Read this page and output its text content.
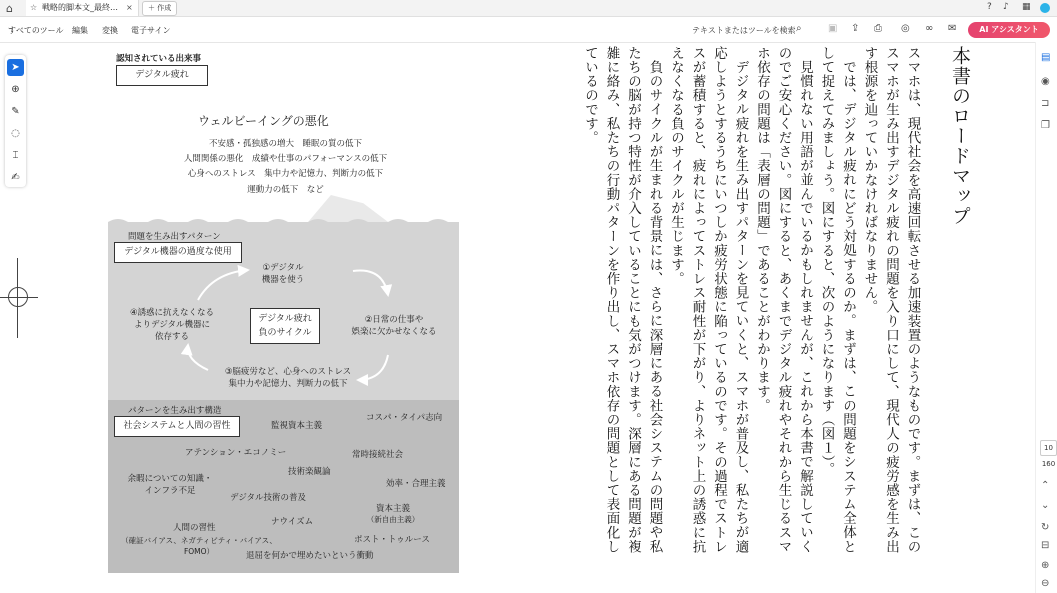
⌂ ☆ 戦略的脚本文_最終…	×	＋ 作成	? ♪ ▦
すべてのツール 編集 変換 電子サイン	テキストまたはツールを検索 ⌕	▣ ⇪ ⎙ ◎ ∞ ✉	AI アシスタント
➤
⊕
✎
◌
⌶
✍
認知されている出来事
デジタル疲れ
ウェルビーイングの悪化
不安感・孤独感の増大　睡眠の質の低下
人間関係の悪化　成績や仕事のパフォーマンスの低下
心身へのストレス　集中力や記憶力、判断力の低下
運動力の低下　など
問題を生み出すパターン
デジタル機器の過度な使用
①デジタル
機器を使う
デジタル疲れ
負のサイクル
②日常の仕事や
娯楽に欠かせなくなる
④誘惑に抗えなくなる
よりデジタル機器に
依存する
③脳疲労など、心身へのストレス
集中力や記憶力、判断力の低下
パターンを生み出す構造
社会システムと人間の習性	監視資本主義
コスパ・タイパ志向
アテンション・エコノミー	常時接続社会
技術楽観論
余暇についての知識・
インフラ不足
効率・合理主義
デジタル技術の普及
資本主義
（新自由主義）
人間の習性
ナウイズム
（確証バイアス、ネガティビティ・バイアス、
FOMO）
ポスト・トゥルース
退屈を何かで埋めたいという衝動
本書のロードマップ

スマホは、現代社会を高速回転させる加速装置のようなものです。まずは、このスマホが生み出すデジタル疲れの問題を入り口にして、現代人の疲労感を生み出す根源を辿っていかなければなりません。

では、デジタル疲れにどう対処するのか。まずは、この問題をシステム全体として捉えてみましょう。図にすると、次のようになります（図１）。

見慣れない用語が並んでいるかもしれませんが、これから本書で解説していくのでご安心ください。図にすると、あくまでデジタル疲れやそれから生じるスマホ依存の問題は「表層の問題」であることがわかります。

デジタル疲れを生み出すパターンを見ていくと、スマホが普及し、私たちが適応しようとするうちにいつしか疲労状態に陥っているのです。その過程でストレスが蓄積すると、疲れによってストレス耐性が下がり、よりネット上の誘惑に抗えなくなる負のサイクルが生じます。

負のサイクルが生まれる背景には、さらに深層にある社会システムの問題や私たちの脳が持つ特性が介入していることにも気がつけます。深層にある問題が複雑に絡み、私たちの行動パターンを作り出し、スマホ依存の問題として表面化しているのです。	▤
◉
⊐
❐
10
160
⌃
⌄
↻
⊟
⊕
⊖
